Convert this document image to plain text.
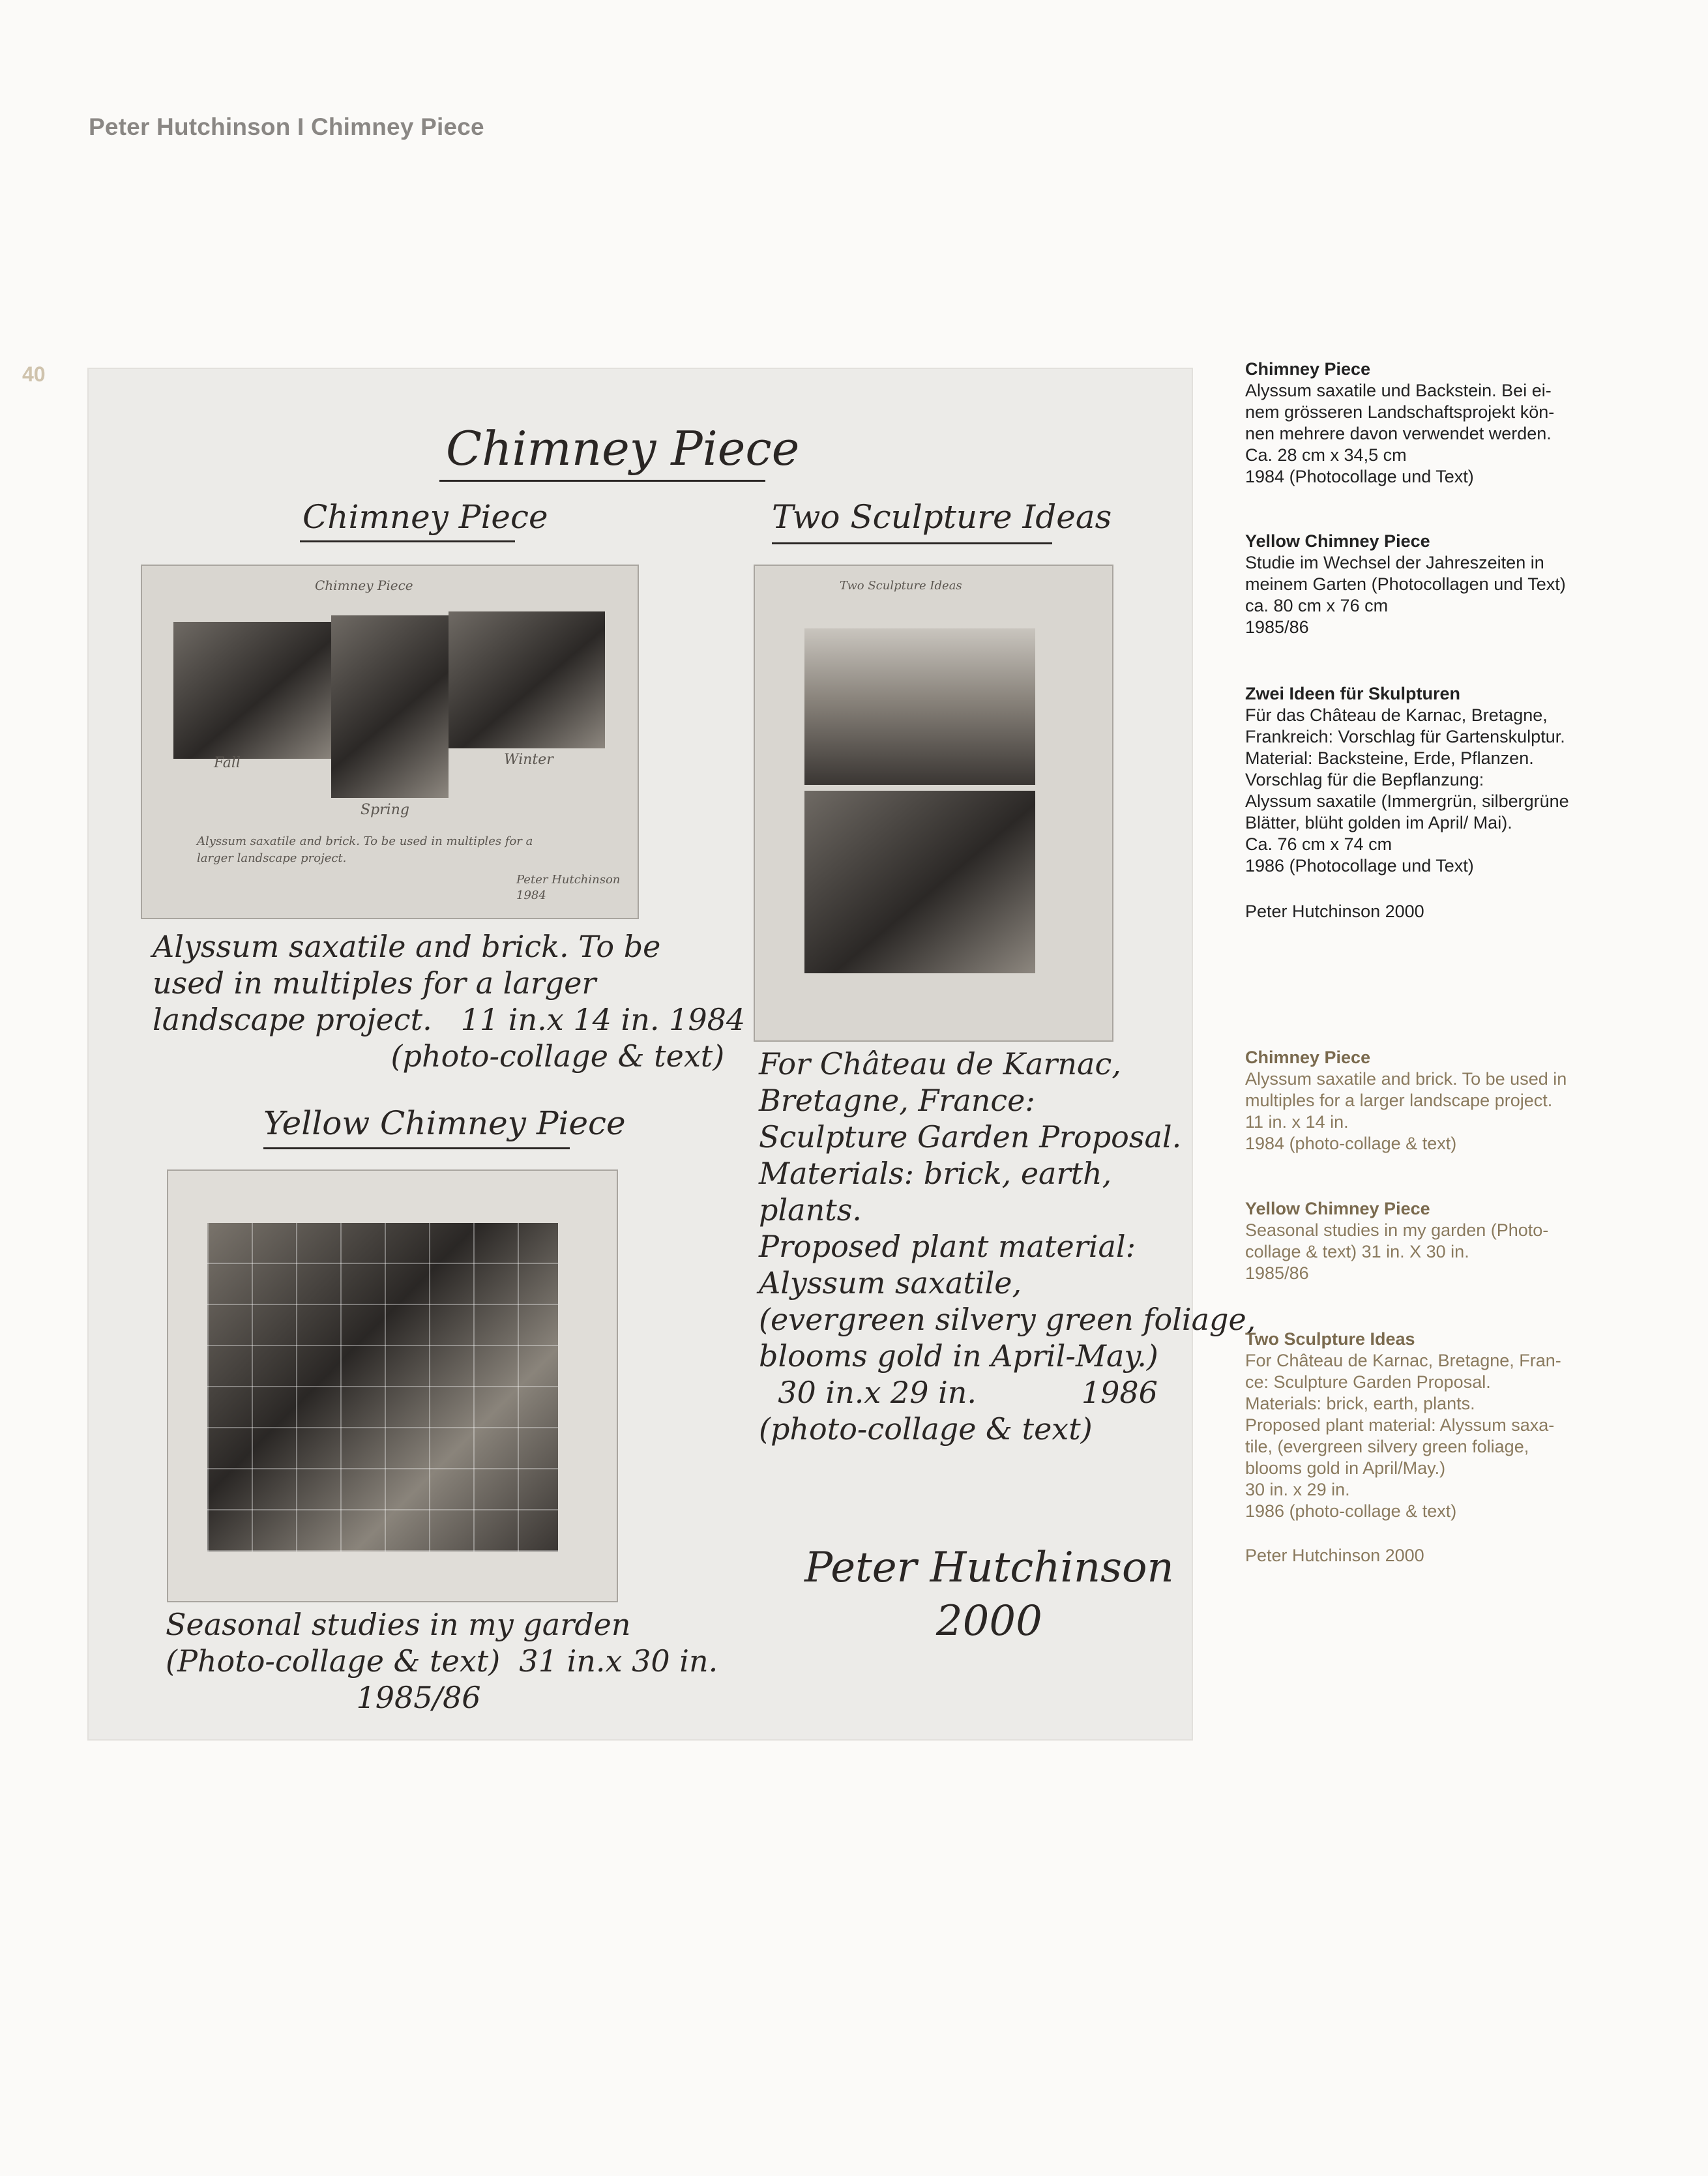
Peter Hutchinson I Chimney Piece
40
Chimney Piece
Chimney Piece
Chimney Piece
Fall
Spring
Winter
Alyssum saxatile and brick. To be used in multiples for a
larger landscape project.
Peter Hutchinson
1984
Alyssum saxatile and brick. To be
used in multiples for a larger
landscape project.   11 in.x 14 in. 1984
(photo-collage & text)
Two Sculpture Ideas
Two Sculpture Ideas
For Château de Karnac,
Bretagne, France:
Sculpture Garden Proposal.
Materials: brick, earth,
plants.
Proposed plant material:
Alyssum saxatile,
(evergreen silvery green foliage,
blooms gold in April-May.)
30 in.x 29 in.           1986
(photo-collage & text)
Yellow Chimney Piece
Seasonal studies in my garden
(Photo-collage & text)  31 in.x 30 in.
1985/86
Peter Hutchinson
2000
Chimney Piece
Alyssum saxatile und Backstein. Bei ei-
nem grösseren Landschaftsprojekt kön-
nen mehrere davon verwendet werden.
Ca. 28 cm x 34,5 cm
1984 (Photocollage und Text)
Yellow Chimney Piece
Studie im Wechsel der Jahreszeiten in
meinem Garten (Photocollagen und Text)
ca. 80 cm x 76 cm
1985/86
Zwei Ideen für Skulpturen
Für das Château de Karnac, Bretagne,
Frankreich: Vorschlag für Gartenskulptur.
Material: Backsteine, Erde, Pflanzen.
Vorschlag für die Bepflanzung:
Alyssum saxatile (Immergrün, silbergrüne
Blätter, blüht golden im April/ Mai).
Ca. 76 cm x 74 cm
1986 (Photocollage und Text)
Peter Hutchinson 2000
Chimney Piece
Alyssum saxatile and brick. To be used in
multiples for a larger landscape project.
11 in. x 14 in.
1984 (photo-collage & text)
Yellow Chimney Piece
Seasonal studies in my garden (Photo-
collage & text) 31 in. X 30 in.
1985/86
Two Sculpture Ideas
For Château de Karnac, Bretagne, Fran-
ce: Sculpture Garden Proposal.
Materials: brick, earth, plants.
Proposed plant material: Alyssum saxa-
tile, (evergreen silvery green foliage,
blooms gold in April/May.)
30 in. x 29 in.
1986 (photo-collage & text)
Peter Hutchinson 2000
